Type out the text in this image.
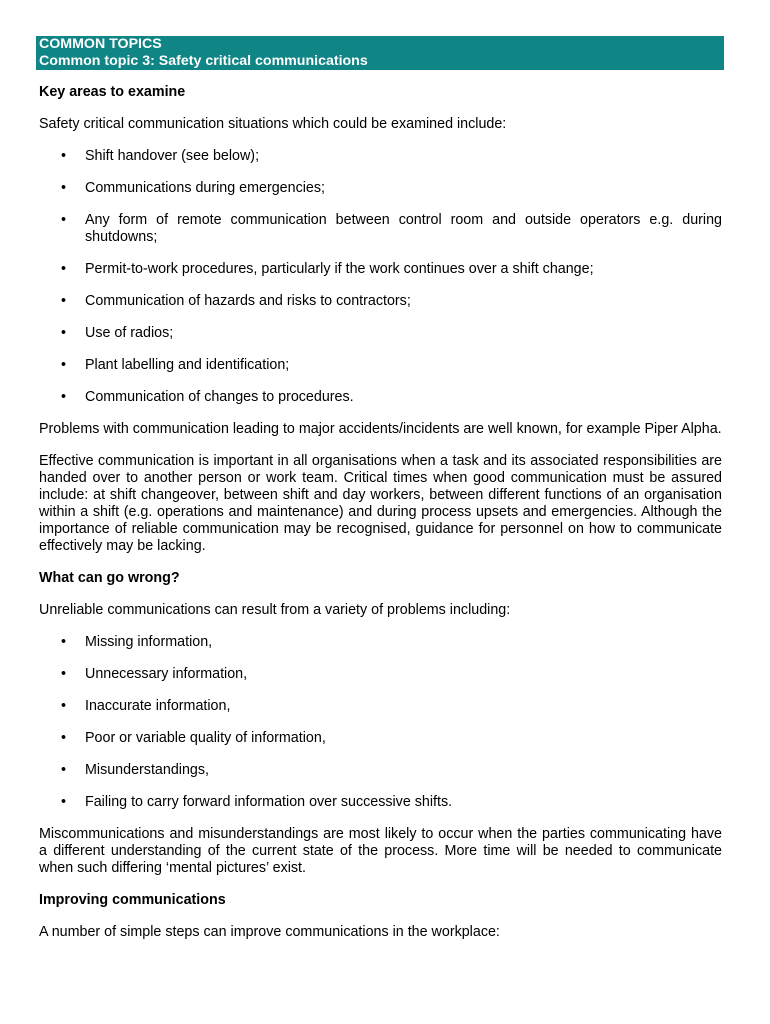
COMMON TOPICS
Common topic 3: Safety critical communications
Key areas to examine

Safety critical communication situations which could be examined include:

• Shift handover (see below);
• Communications during emergencies;
• Any form of remote communication between control room and outside operators e.g. during shutdowns;
• Permit-to-work procedures, particularly if the work continues over a shift change;
• Communication of hazards and risks to contractors;
• Use of radios;
• Plant labelling and identification;
• Communication of changes to procedures.

Problems with communication leading to major accidents/incidents are well known, for example Piper Alpha.

Effective communication is important in all organisations when a task and its associated responsibilities are handed over to another person or work team. Critical times when good communication must be assured include: at shift changeover, between shift and day workers, between different functions of an organisation within a shift (e.g. operations and maintenance) and during process upsets and emergencies. Although the importance of reliable communication may be recognised, guidance for personnel on how to communicate effectively may be lacking.

What can go wrong?

Unreliable communications can result from a variety of problems including:

• Missing information,
• Unnecessary information,
• Inaccurate information,
• Poor or variable quality of information,
• Misunderstandings,
• Failing to carry forward information over successive shifts.

Miscommunications and misunderstandings are most likely to occur when the parties communicating have a different understanding of the current state of the process. More time will be needed to communicate when such differing ‘mental pictures’ exist.

Improving communications

A number of simple steps can improve communications in the workplace:
